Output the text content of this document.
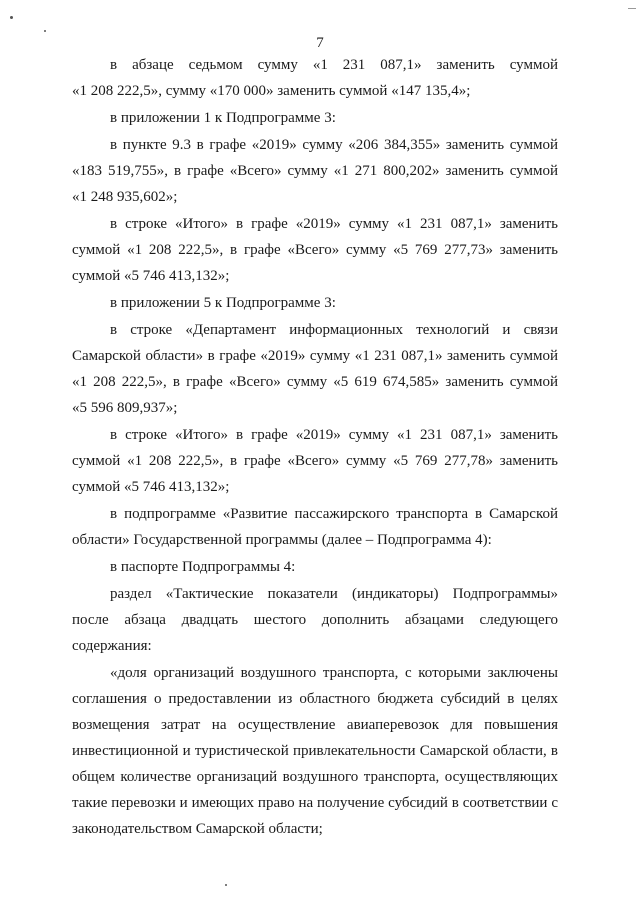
7
в абзаце седьмом сумму «1 231 087,1» заменить суммой
«1 208 222,5», сумму «170 000» заменить суммой «147 135,4»;
в приложении 1 к Подпрограмме 3:
в пункте 9.3 в графе «2019» сумму «206 384,355» заменить суммой
«183 519,755», в графе «Всего» сумму «1 271 800,202» заменить суммой
«1 248 935,602»;
в строке «Итого» в графе «2019» сумму «1 231 087,1» заменить
суммой «1 208 222,5», в графе «Всего» сумму «5 769 277,73» заменить
суммой «5 746 413,132»;
в приложении 5 к Подпрограмме 3:
в строке «Департамент информационных технологий и связи
Самарской области» в графе «2019» сумму «1 231 087,1» заменить суммой
«1 208 222,5», в графе «Всего» сумму «5 619 674,585» заменить суммой
«5 596 809,937»;
в строке «Итого» в графе «2019» сумму «1 231 087,1» заменить
суммой «1 208 222,5», в графе «Всего» сумму «5 769 277,78» заменить
суммой «5 746 413,132»;
в подпрограмме «Развитие пассажирского транспорта в Самарской
области» Государственной программы (далее – Подпрограмма 4):
в паспорте Подпрограммы 4:
раздел «Тактические показатели (индикаторы) Подпрограммы»
после абзаца двадцать шестого дополнить абзацами следующего
содержания:
«доля организаций воздушного транспорта, с которыми заключены
соглашения о предоставлении из областного бюджета субсидий в целях
возмещения затрат на осуществление авиаперевозок для повышения
инвестиционной и туристической привлекательности Самарской области, в
общем количестве организаций воздушного транспорта, осуществляющих
такие перевозки и имеющих право на получение субсидий в соответствии с
законодательством Самарской области;
